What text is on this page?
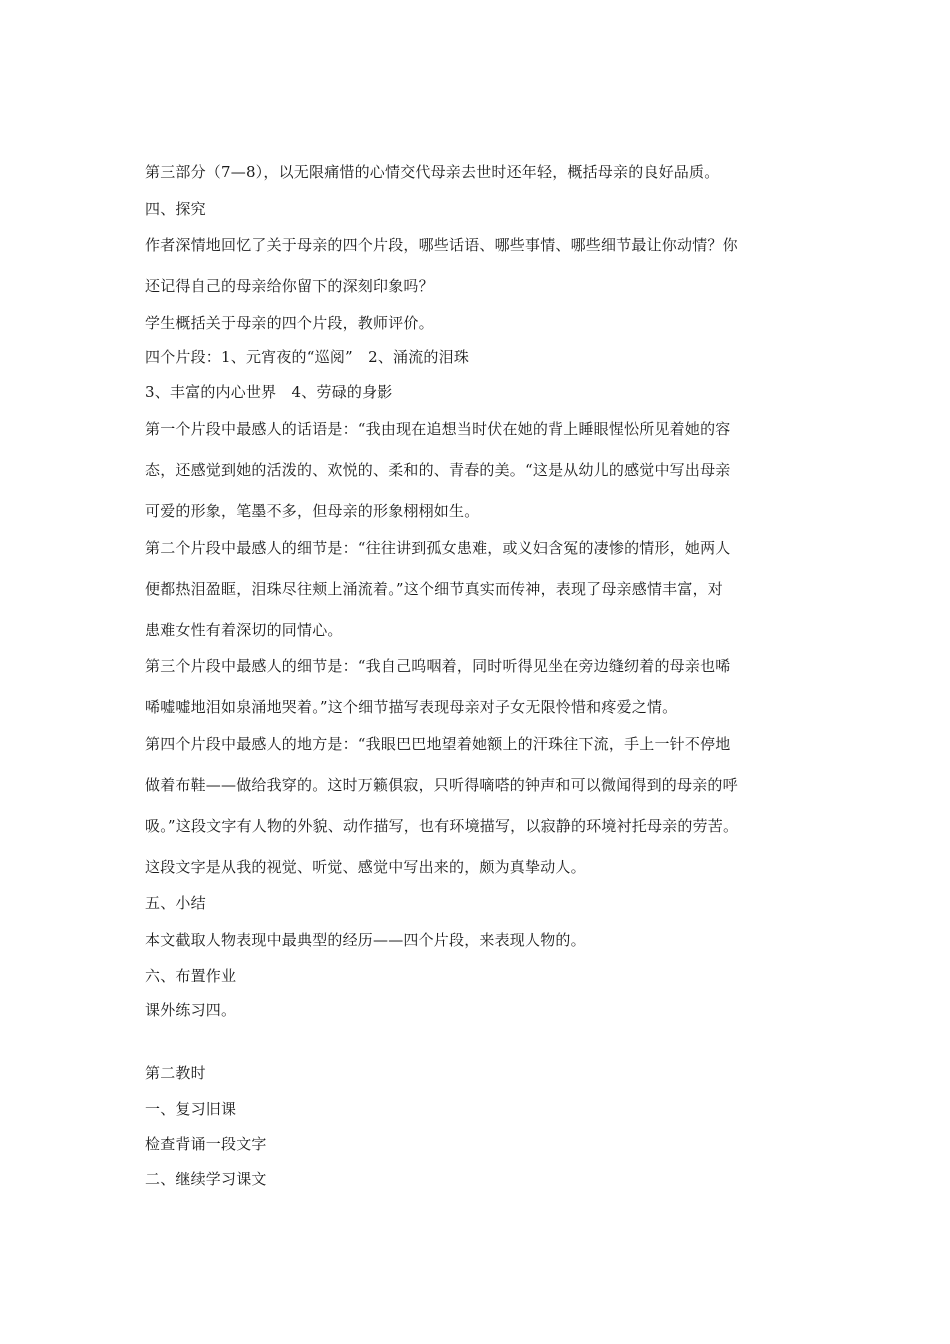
第三部分（7—8），以无限痛惜的心情交代母亲去世时还年轻，概括母亲的良好品质。
四、探究
作者深情地回忆了关于母亲的四个片段，哪些话语、哪些事情、哪些细节最让你动情？你
还记得自己的母亲给你留下的深刻印象吗？
学生概括关于母亲的四个片段，教师评价。
四个片段：1、元宵夜的“巡阅”　2、涌流的泪珠
3、丰富的内心世界　4、劳碌的身影
第一个片段中最感人的话语是：“我由现在追想当时伏在她的背上睡眼惺忪所见着她的容
态，还感觉到她的活泼的、欢悦的、柔和的、青春的美。“这是从幼儿的感觉中写出母亲
可爱的形象，笔墨不多，但母亲的形象栩栩如生。
第二个片段中最感人的细节是：“往往讲到孤女患难，或义妇含冤的凄惨的情形，她两人
便都热泪盈眶，泪珠尽往颊上涌流着。”这个细节真实而传神，表现了母亲感情丰富，对
患难女性有着深切的同情心。
第三个片段中最感人的细节是：“我自己呜咽着，同时听得见坐在旁边缝纫着的母亲也唏
唏嘘嘘地泪如泉涌地哭着。”这个细节描写表现母亲对子女无限怜惜和疼爱之情。
第四个片段中最感人的地方是：“我眼巴巴地望着她额上的汗珠往下流，手上一针不停地
做着布鞋——做给我穿的。这时万籁俱寂，只听得嘀嗒的钟声和可以微闻得到的母亲的呼
吸。”这段文字有人物的外貌、动作描写，也有环境描写，以寂静的环境衬托母亲的劳苦。
这段文字是从我的视觉、听觉、感觉中写出来的，颇为真挚动人。
五、小结
本文截取人物表现中最典型的经历——四个片段，来表现人物的。
六、布置作业
课外练习四。
第二教时
一、复习旧课
检查背诵一段文字
二、继续学习课文
